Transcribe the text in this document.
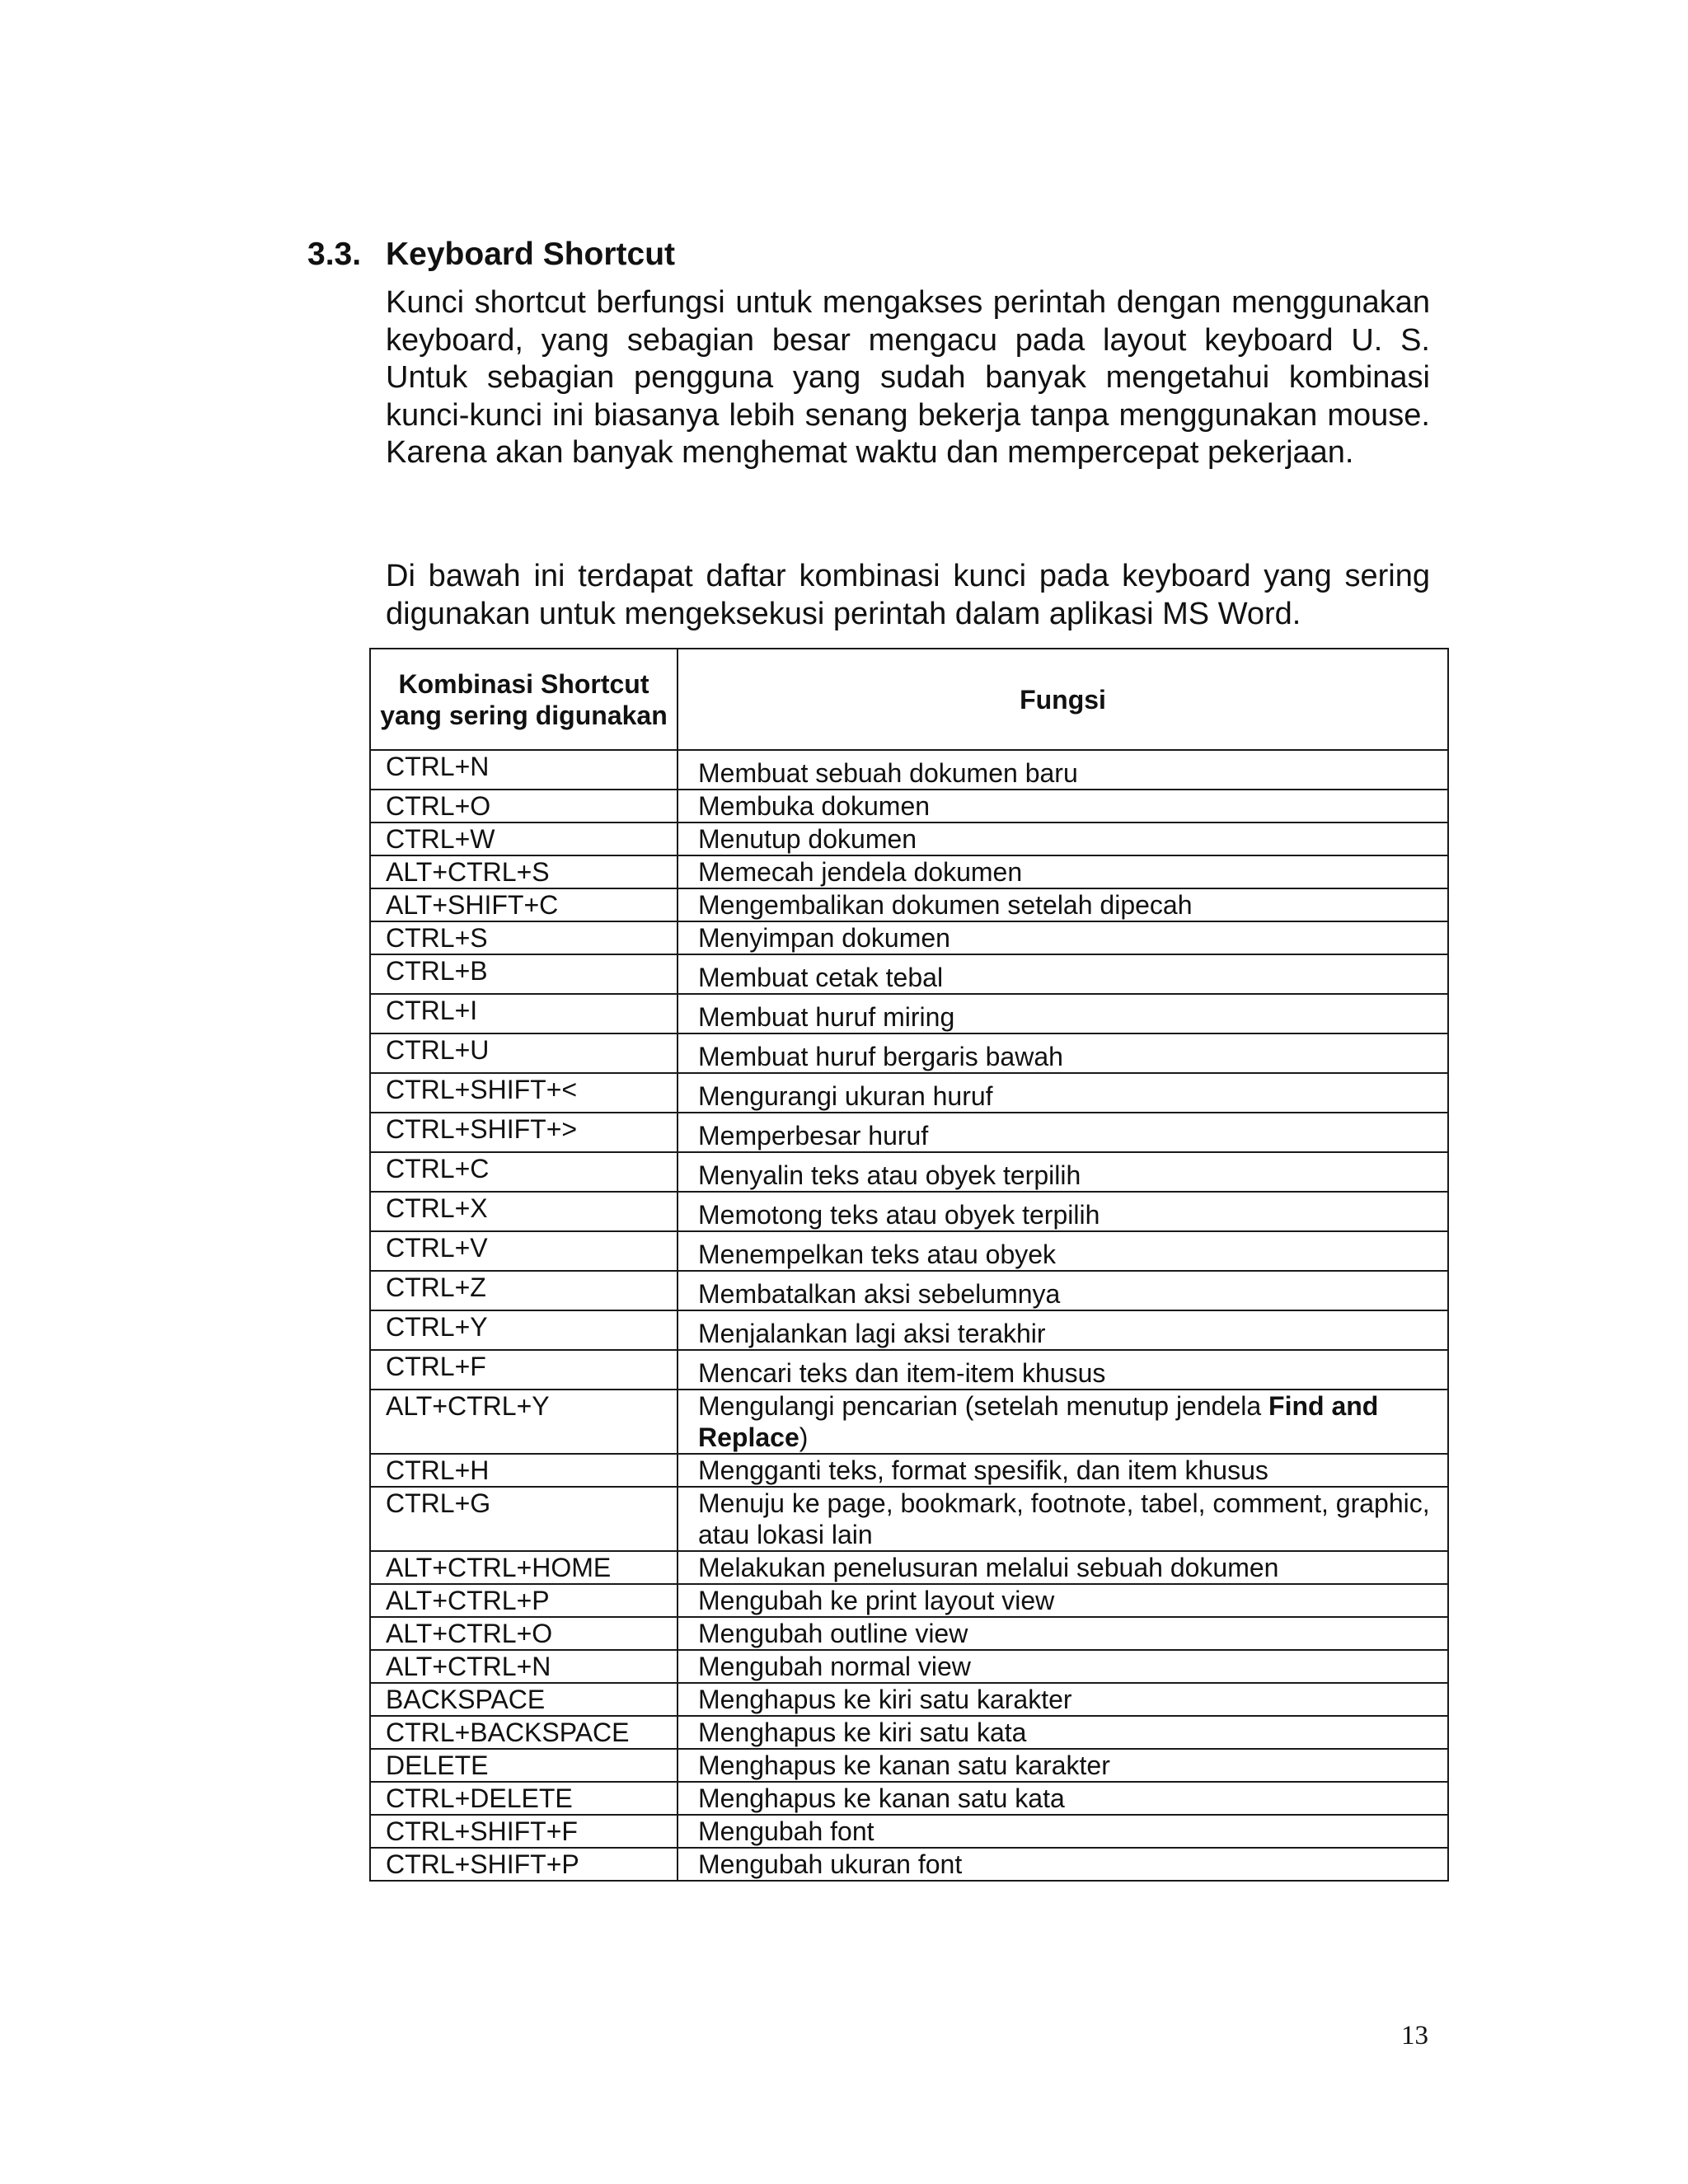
3.3. Keyboard Shortcut

Kunci shortcut berfungsi untuk mengakses perintah dengan menggunakan keyboard, yang sebagian besar mengacu pada layout keyboard U. S. Untuk sebagian pengguna yang sudah banyak mengetahui kombinasi kunci-kunci ini biasanya lebih senang bekerja tanpa menggunakan mouse. Karena akan banyak menghemat waktu dan mempercepat pekerjaan.

Di bawah ini terdapat daftar kombinasi kunci pada keyboard yang sering digunakan untuk mengeksekusi perintah dalam aplikasi MS Word.

Kombinasi Shortcut yang sering digunakan	Fungsi
CTRL+N	Membuat sebuah dokumen baru
CTRL+O	Membuka dokumen
CTRL+W	Menutup dokumen
ALT+CTRL+S	Memecah jendela dokumen
ALT+SHIFT+C	Mengembalikan dokumen setelah dipecah
CTRL+S	Menyimpan dokumen
CTRL+B	Membuat cetak tebal
CTRL+I	Membuat huruf miring
CTRL+U	Membuat huruf bergaris bawah
CTRL+SHIFT+<	Mengurangi ukuran huruf
CTRL+SHIFT+>	Memperbesar huruf
CTRL+C	Menyalin teks atau obyek terpilih
CTRL+X	Memotong teks atau obyek terpilih
CTRL+V	Menempelkan teks atau obyek
CTRL+Z	Membatalkan aksi sebelumnya
CTRL+Y	Menjalankan lagi aksi terakhir
CTRL+F	Mencari teks dan item-item khusus
ALT+CTRL+Y	Mengulangi pencarian (setelah menutup jendela Find and Replace)
CTRL+H	Mengganti teks, format spesifik, dan item khusus
CTRL+G	Menuju ke page, bookmark, footnote, tabel, comment, graphic, atau lokasi lain
ALT+CTRL+HOME	Melakukan penelusuran melalui sebuah dokumen
ALT+CTRL+P	Mengubah ke print layout view
ALT+CTRL+O	Mengubah outline view
ALT+CTRL+N	Mengubah normal view
BACKSPACE	Menghapus ke kiri satu karakter
CTRL+BACKSPACE	Menghapus ke kiri satu kata
DELETE	Menghapus ke kanan satu karakter
CTRL+DELETE	Menghapus ke kanan satu kata
CTRL+SHIFT+F	Mengubah font
CTRL+SHIFT+P	Mengubah ukuran font
13
